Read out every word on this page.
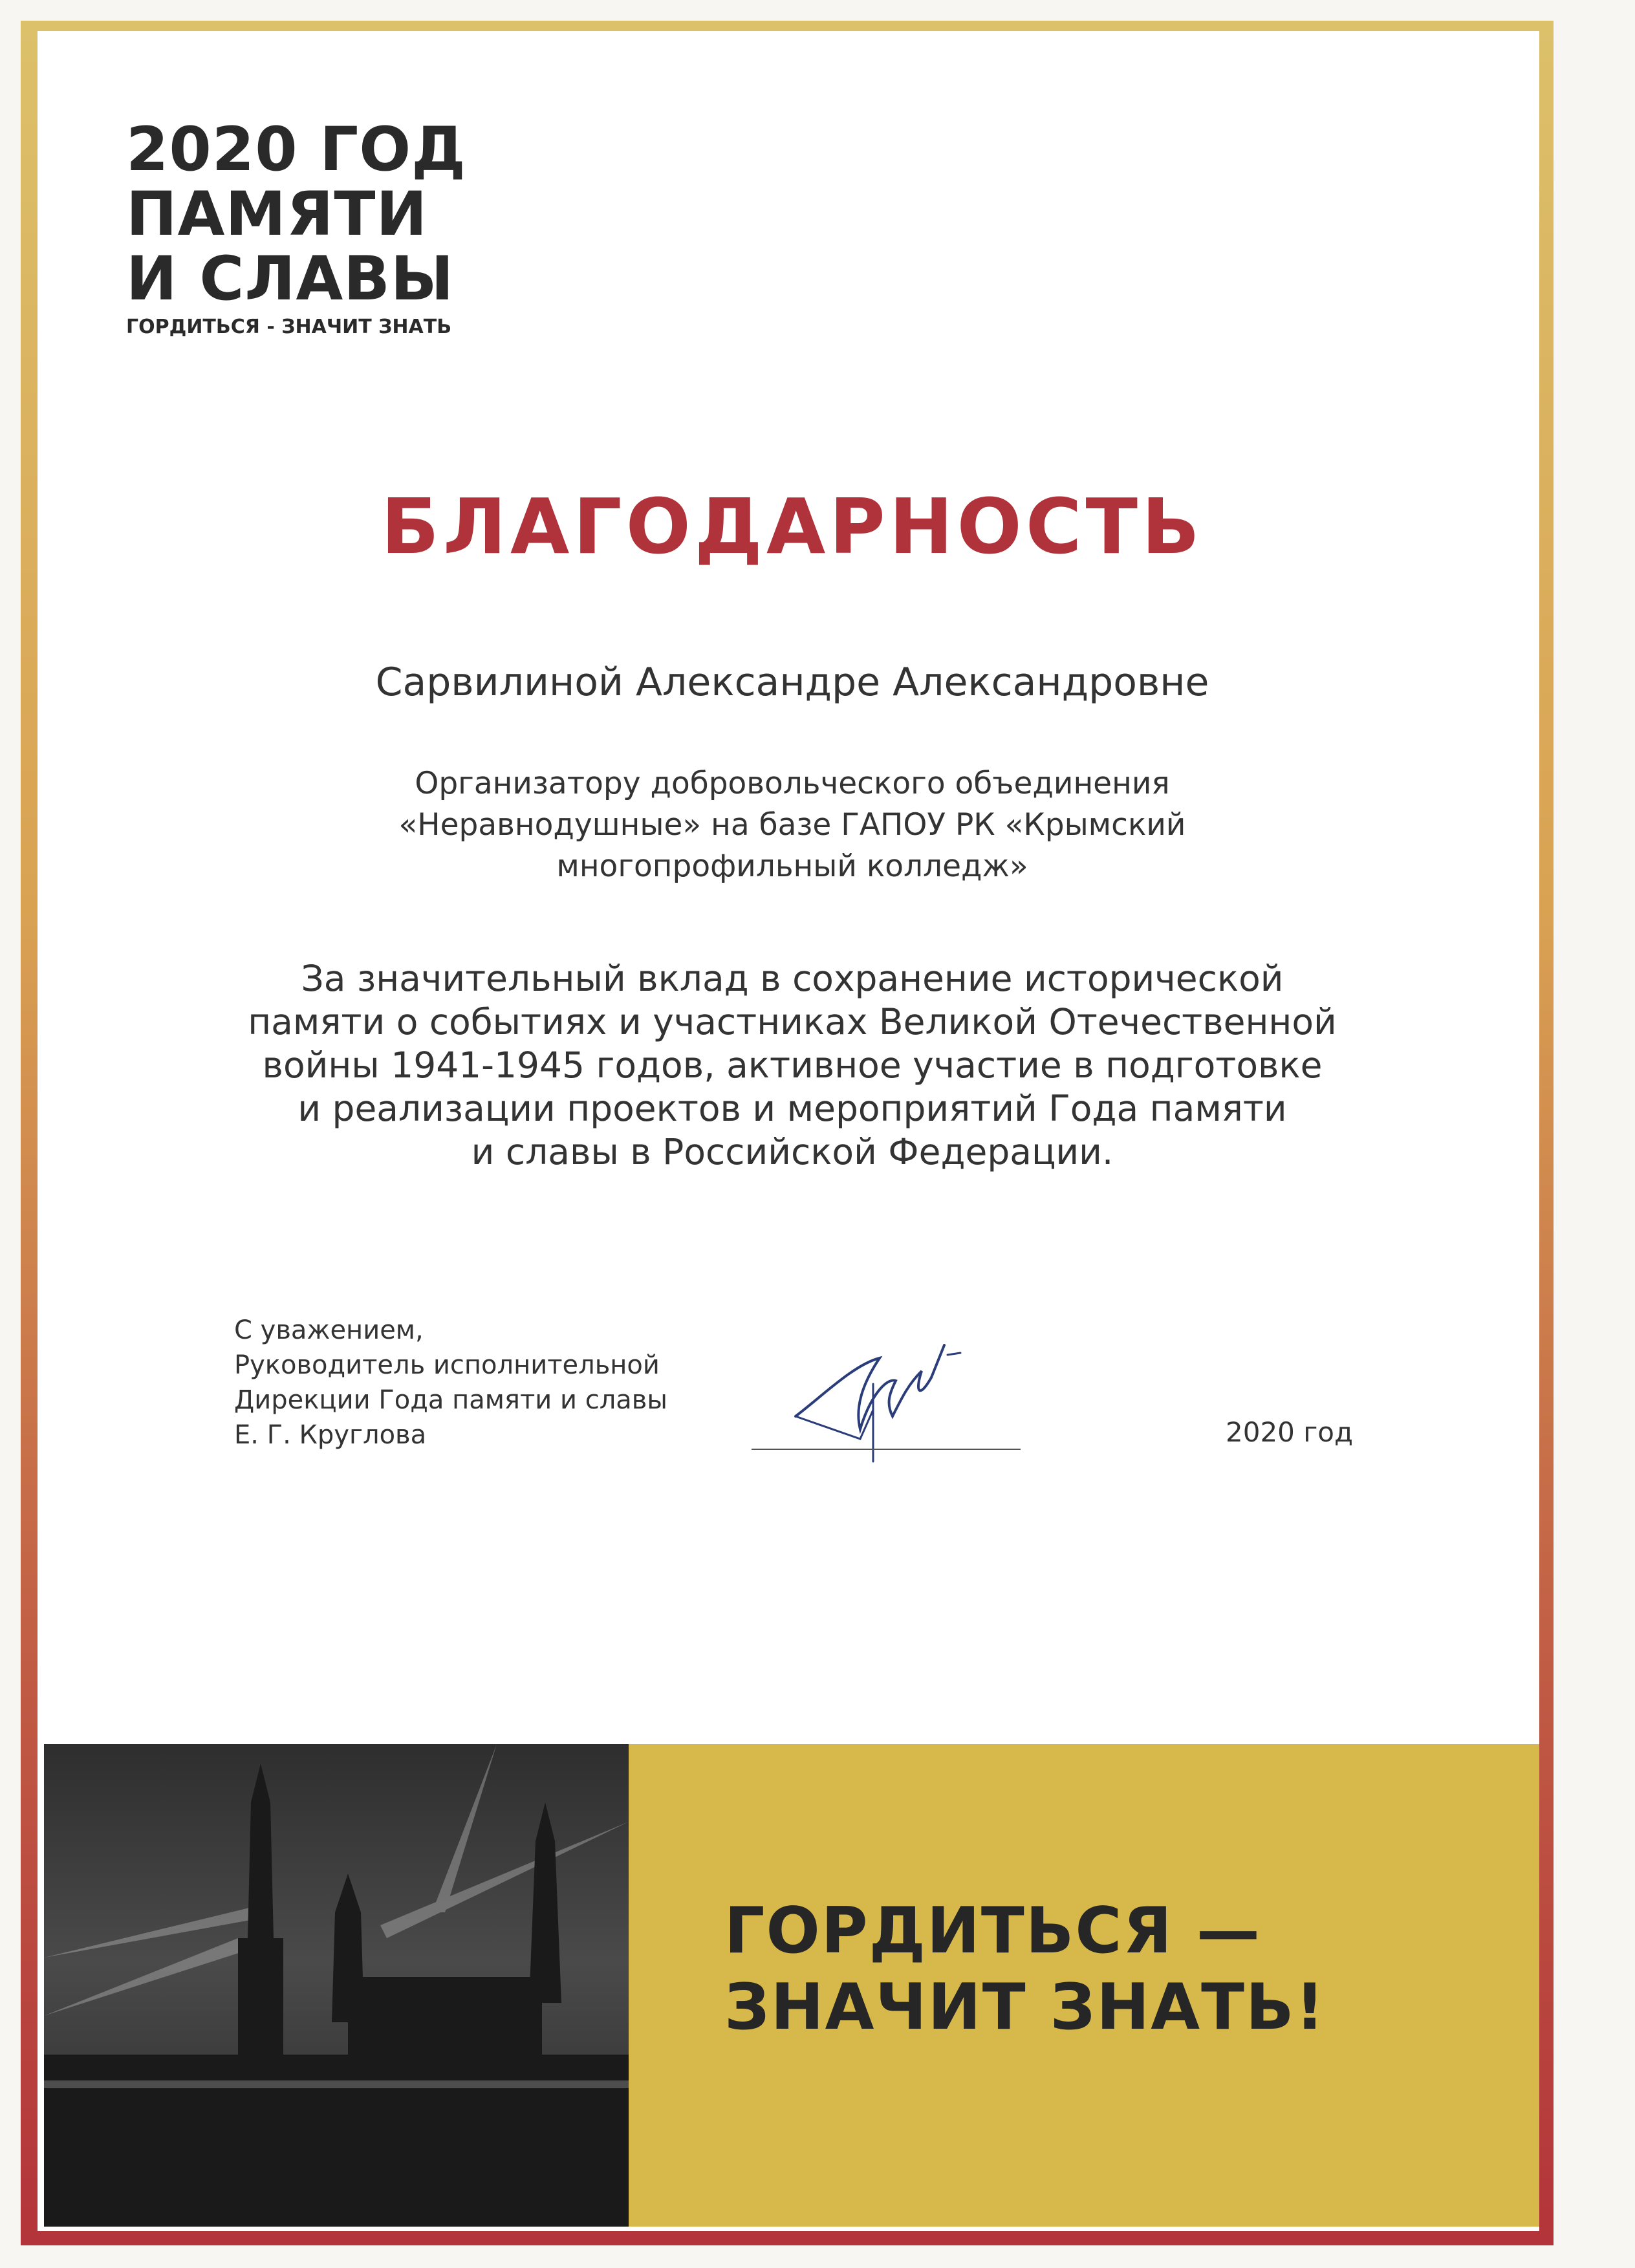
2020 ГОД
ПАМЯТИ
И СЛАВЫ
ГОРДИТЬСЯ - ЗНАЧИТ ЗНАТЬ
БЛАГОДАРНОСТЬ
Сарвилиной Александре Александровне
Организатору добровольческого объединения
«Неравнодушные» на базе ГАПОУ РК «Крымский
многопрофильный колледж»
За значительный вклад в сохранение исторической
памяти о событиях и участниках Великой Отечественной
войны 1941-1945 годов, активное участие в подготовке
и реализации проектов и мероприятий Года памяти
и славы в Российской Федерации.
С уважением,
Руководитель исполнительной
Дирекции Года памяти и славы
Е. Г. Круглова	2020 год
ГОРДИТЬСЯ —
ЗНАЧИТ ЗНАТЬ!
